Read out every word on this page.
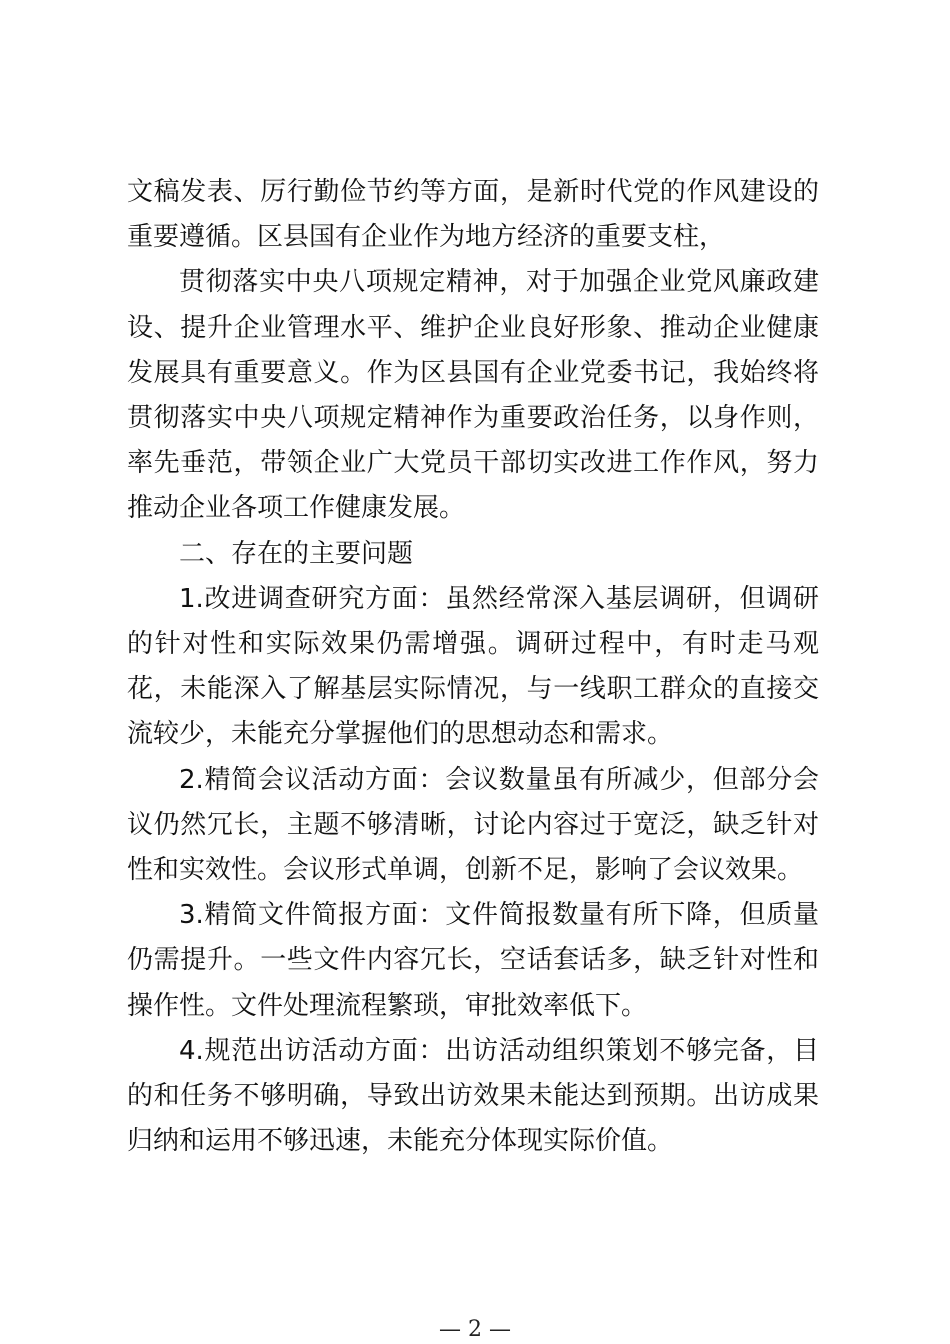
文稿发表、厉行勤俭节约等方面，是新时代党的作风建设的重要遵循。区县国有企业作为地方经济的重要支柱，

贯彻落实中央八项规定精神，对于加强企业党风廉政建设、提升企业管理水平、维护企业良好形象、推动企业健康发展具有重要意义。作为区县国有企业党委书记，我始终将贯彻落实中央八项规定精神作为重要政治任务，以身作则，率先垂范，带领企业广大党员干部切实改进工作作风，努力推动企业各项工作健康发展。

二、存在的主要问题

1.改进调查研究方面：虽然经常深入基层调研，但调研的针对性和实际效果仍需增强。调研过程中，有时走马观花，未能深入了解基层实际情况，与一线职工群众的直接交流较少，未能充分掌握他们的思想动态和需求。

2.精简会议活动方面：会议数量虽有所减少，但部分会议仍然冗长，主题不够清晰，讨论内容过于宽泛，缺乏针对性和实效性。会议形式单调，创新不足，影响了会议效果。

3.精简文件简报方面：文件简报数量有所下降，但质量仍需提升。一些文件内容冗长，空话套话多，缺乏针对性和操作性。文件处理流程繁琐，审批效率低下。

4.规范出访活动方面：出访活动组织策划不够完备，目的和任务不够明确，导致出访效果未能达到预期。出访成果归纳和运用不够迅速，未能充分体现实际价值。

— 2 —
